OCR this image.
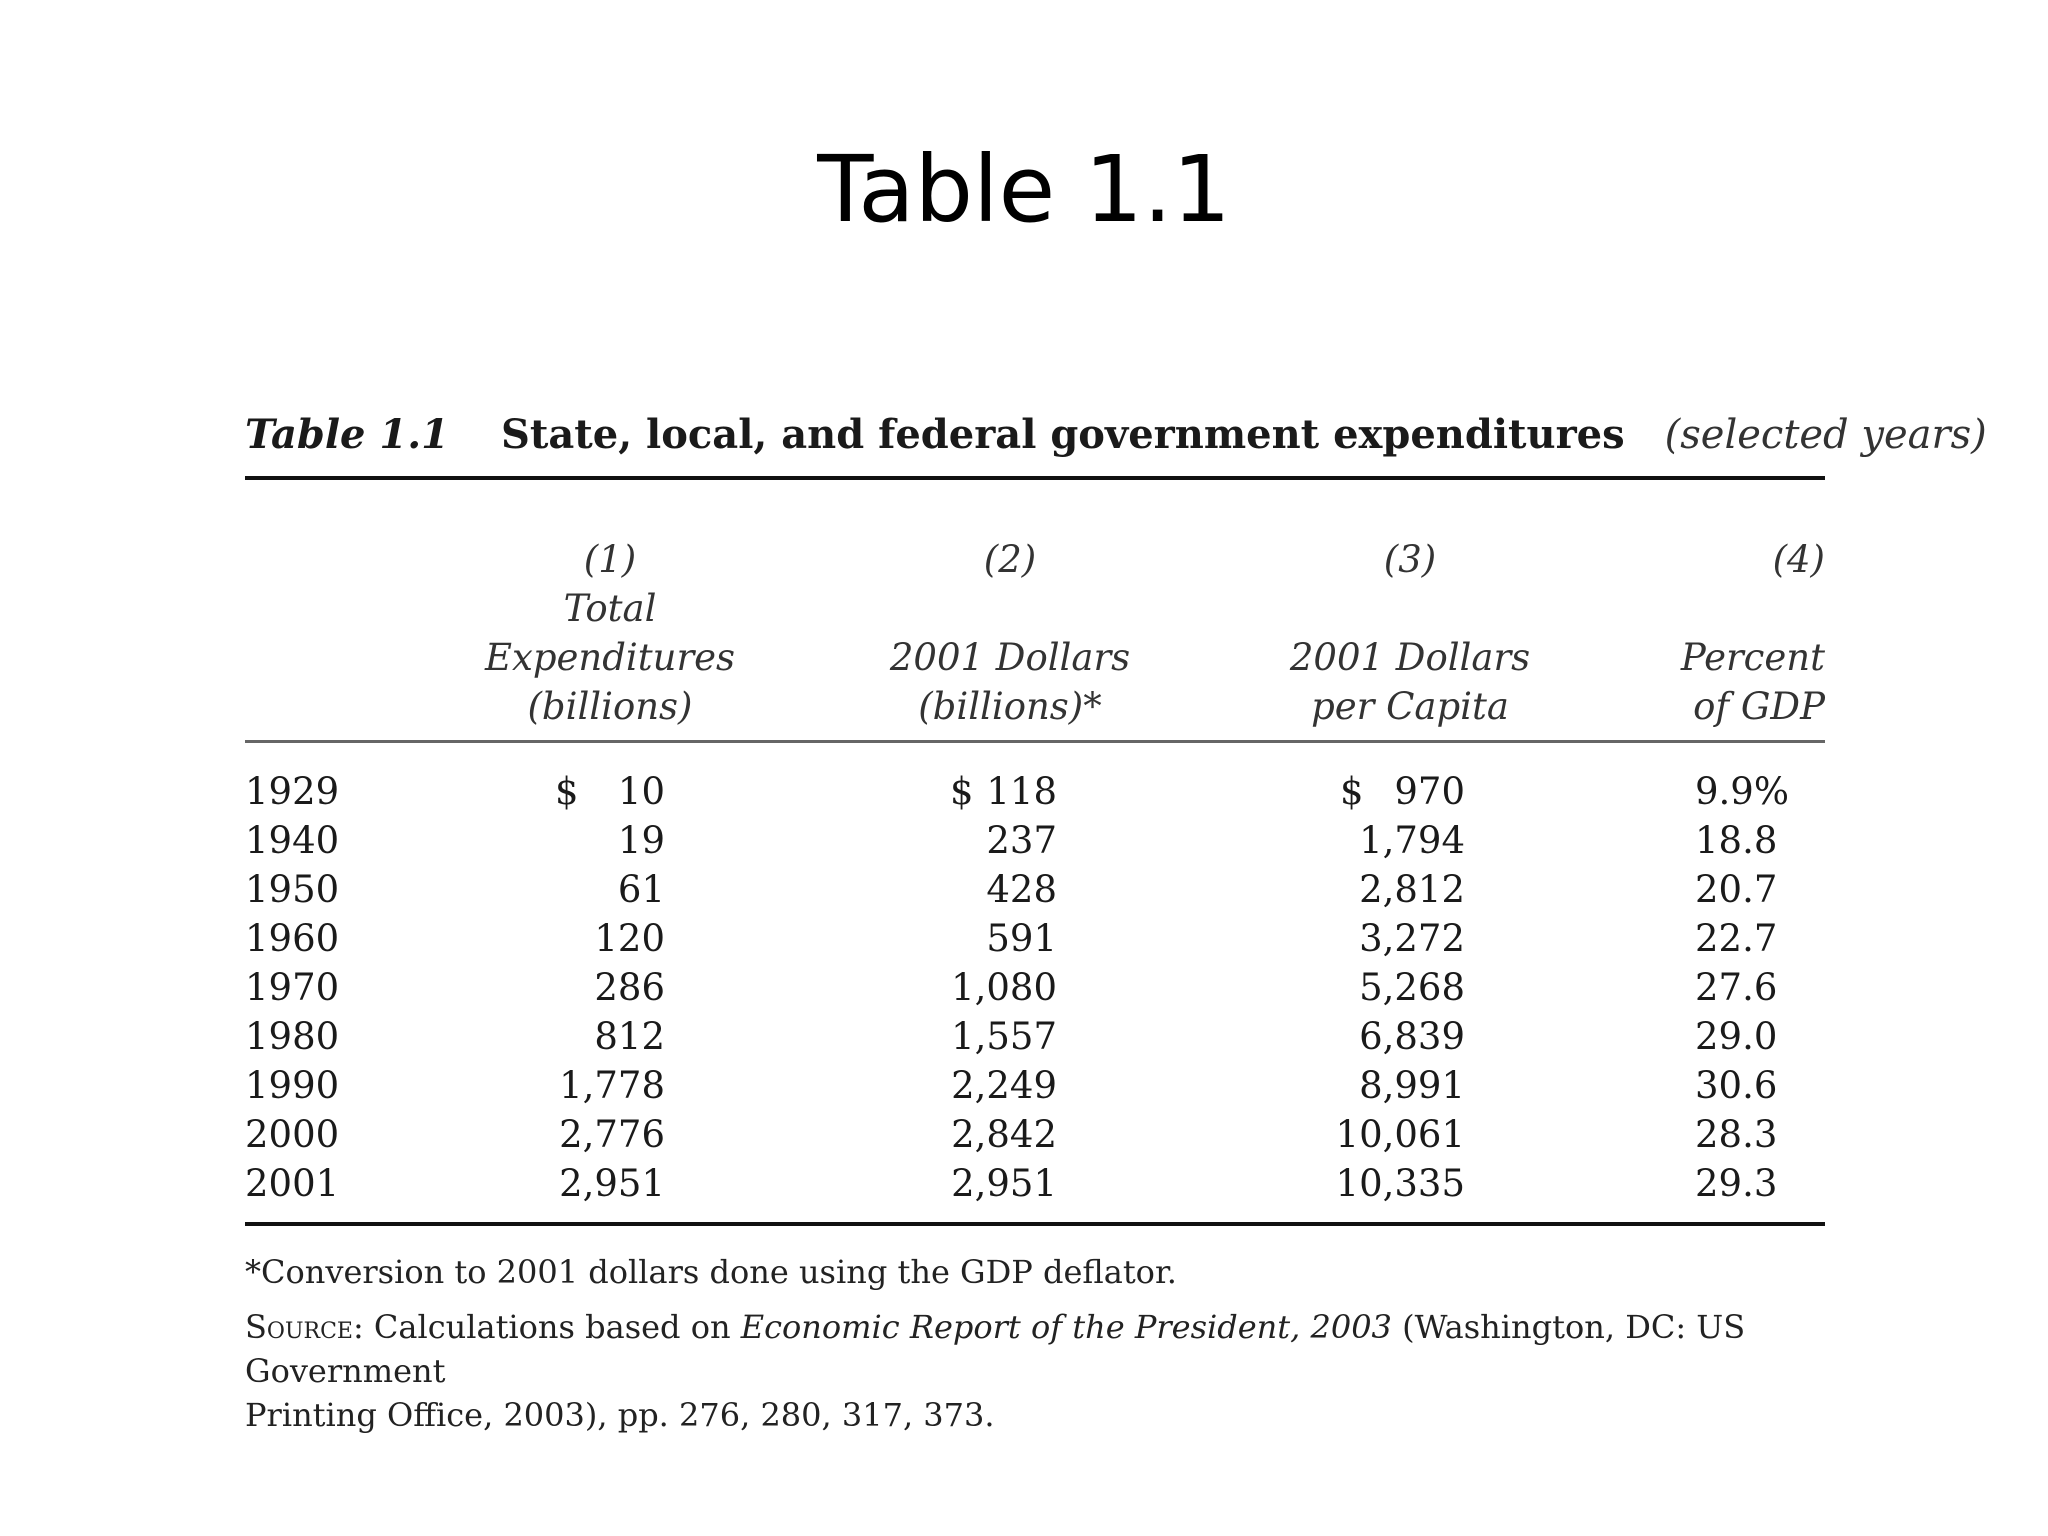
Table 1.1
Table 1.1 State, local, and federal government expenditures (selected years)
(1)
Total
Expenditures
(billions)
(2)
2001 Dollars
(billions)*
(3)
2001 Dollars
per Capita
(4)
Percent
of GDP
1929	$ 10	$ 118	$ 970	9.9%
1940	19	237	1,794	18.8
1950	61	428	2,812	20.7
1960	120	591	3,272	22.7
1970	286	1,080	5,268	27.6
1980	812	1,557	6,839	29.0
1990	1,778	2,249	8,991	30.6
2000	2,776	2,842	10,061	28.3
2001	2,951	2,951	10,335	29.3
*Conversion to 2001 dollars done using the GDP deflator.
Source: Calculations based on Economic Report of the President, 2003 (Washington, DC: US Government
Printing Office, 2003), pp. 276, 280, 317, 373.
